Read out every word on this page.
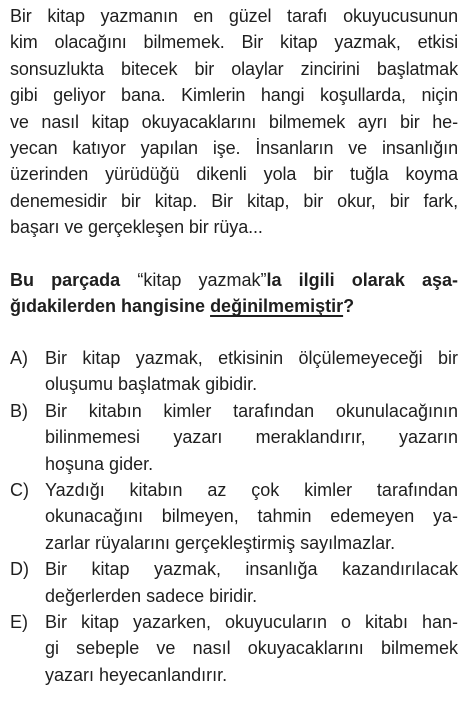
Bir kitap yazmanın en güzel tarafı okuyucusunun
kim olacağını bilmemek. Bir kitap yazmak, etkisi
sonsuzlukta bitecek bir olaylar zincirini başlatmak
gibi geliyor bana. Kimlerin hangi koşullarda, niçin
ve nasıl kitap okuyacaklarını bilmemek ayrı bir he-
yecan katıyor yapılan işe. İnsanların ve insanlığın
üzerinden yürüdüğü dikenli yola bir tuğla koyma
denemesidir bir kitap. Bir kitap, bir okur, bir fark,
başarı ve gerçekleşen bir rüya...
Bu parçada “kitap yazmak”la ilgili olarak aşa-
ğıdakilerden hangisine değinilmemiştir?
A) Bir kitap yazmak, etkisinin ölçülemeyeceği bir
oluşumu başlatmak gibidir.
B) Bir kitabın kimler tarafından okunulacağının
bilinmemesi yazarı meraklandırır, yazarın
hoşuna gider.
C) Yazdığı kitabın az çok kimler tarafından
okunacağını bilmeyen, tahmin edemeyen ya-
zarlar rüyalarını gerçekleştirmiş sayılmazlar.
D) Bir kitap yazmak, insanlığa kazandırılacak
değerlerden sadece biridir.
E) Bir kitap yazarken, okuyucuların o kitabı han-
gi sebeple ve nasıl okuyacaklarını bilmemek
yazarı heyecanlandırır.
